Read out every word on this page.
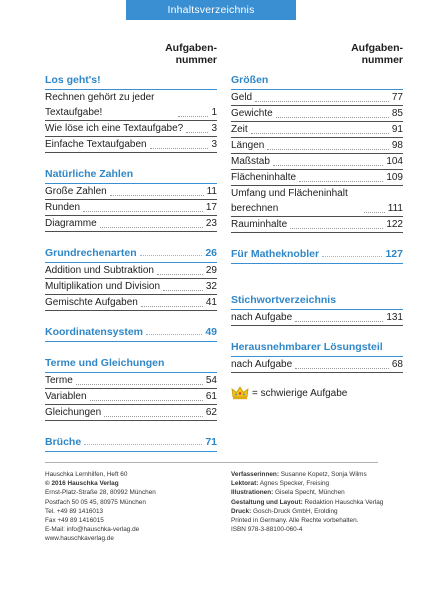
Inhaltsverzeichnis
Aufgaben-
nummer
Los geht's!
Rechnen gehört zu jeder Textaufgabe!	1
Wie löse ich eine Textaufgabe?	3
Einfache Textaufgaben	3
Natürliche Zahlen
Große Zahlen	11
Runden	17
Diagramme	23
Grundrechenarten	26
Addition und Subtraktion	29
Multiplikation und Division	32
Gemischte Aufgaben	41
Koordinatensystem	49
Terme und Gleichungen
Terme	54
Variablen	61
Gleichungen	62
Brüche	71
Aufgaben-
nummer
Größen
Geld	77
Gewichte	85
Zeit	91
Längen	98
Maßstab	104
Flächeninhalte	109
Umfang und Flächeninhalt berechnen	111
Rauminhalte	122
Für Matheknobler	127
Stichwortverzeichnis
nach Aufgabe	131
Herausnehmbarer Lösungsteil
nach Aufgabe	68
= schwierige Aufgabe
Hauschka Lernhilfen, Heft 60
© 2016 Hauschka Verlag
Ernst-Platz-Straße 28, 80992 München
Postfach 50 05 45, 80975 München
Tel. +49 89 1416013
Fax +49 89 1416015
E-Mail: info@hauschka-verlag.de
www.hauschkaverlag.de
Verfasserinnen: Susanne Kopetz, Sonja Wilms
Lektorat: Agnes Specker, Freising
Illustrationen: Gisela Specht, München
Gestaltung und Layout: Redaktion Hauschka Verlag
Druck: Gosch-Druck GmbH, Erolding
Printed in Germany. Alle Rechte vorbehalten.
ISBN 978-3-88100-060-4
